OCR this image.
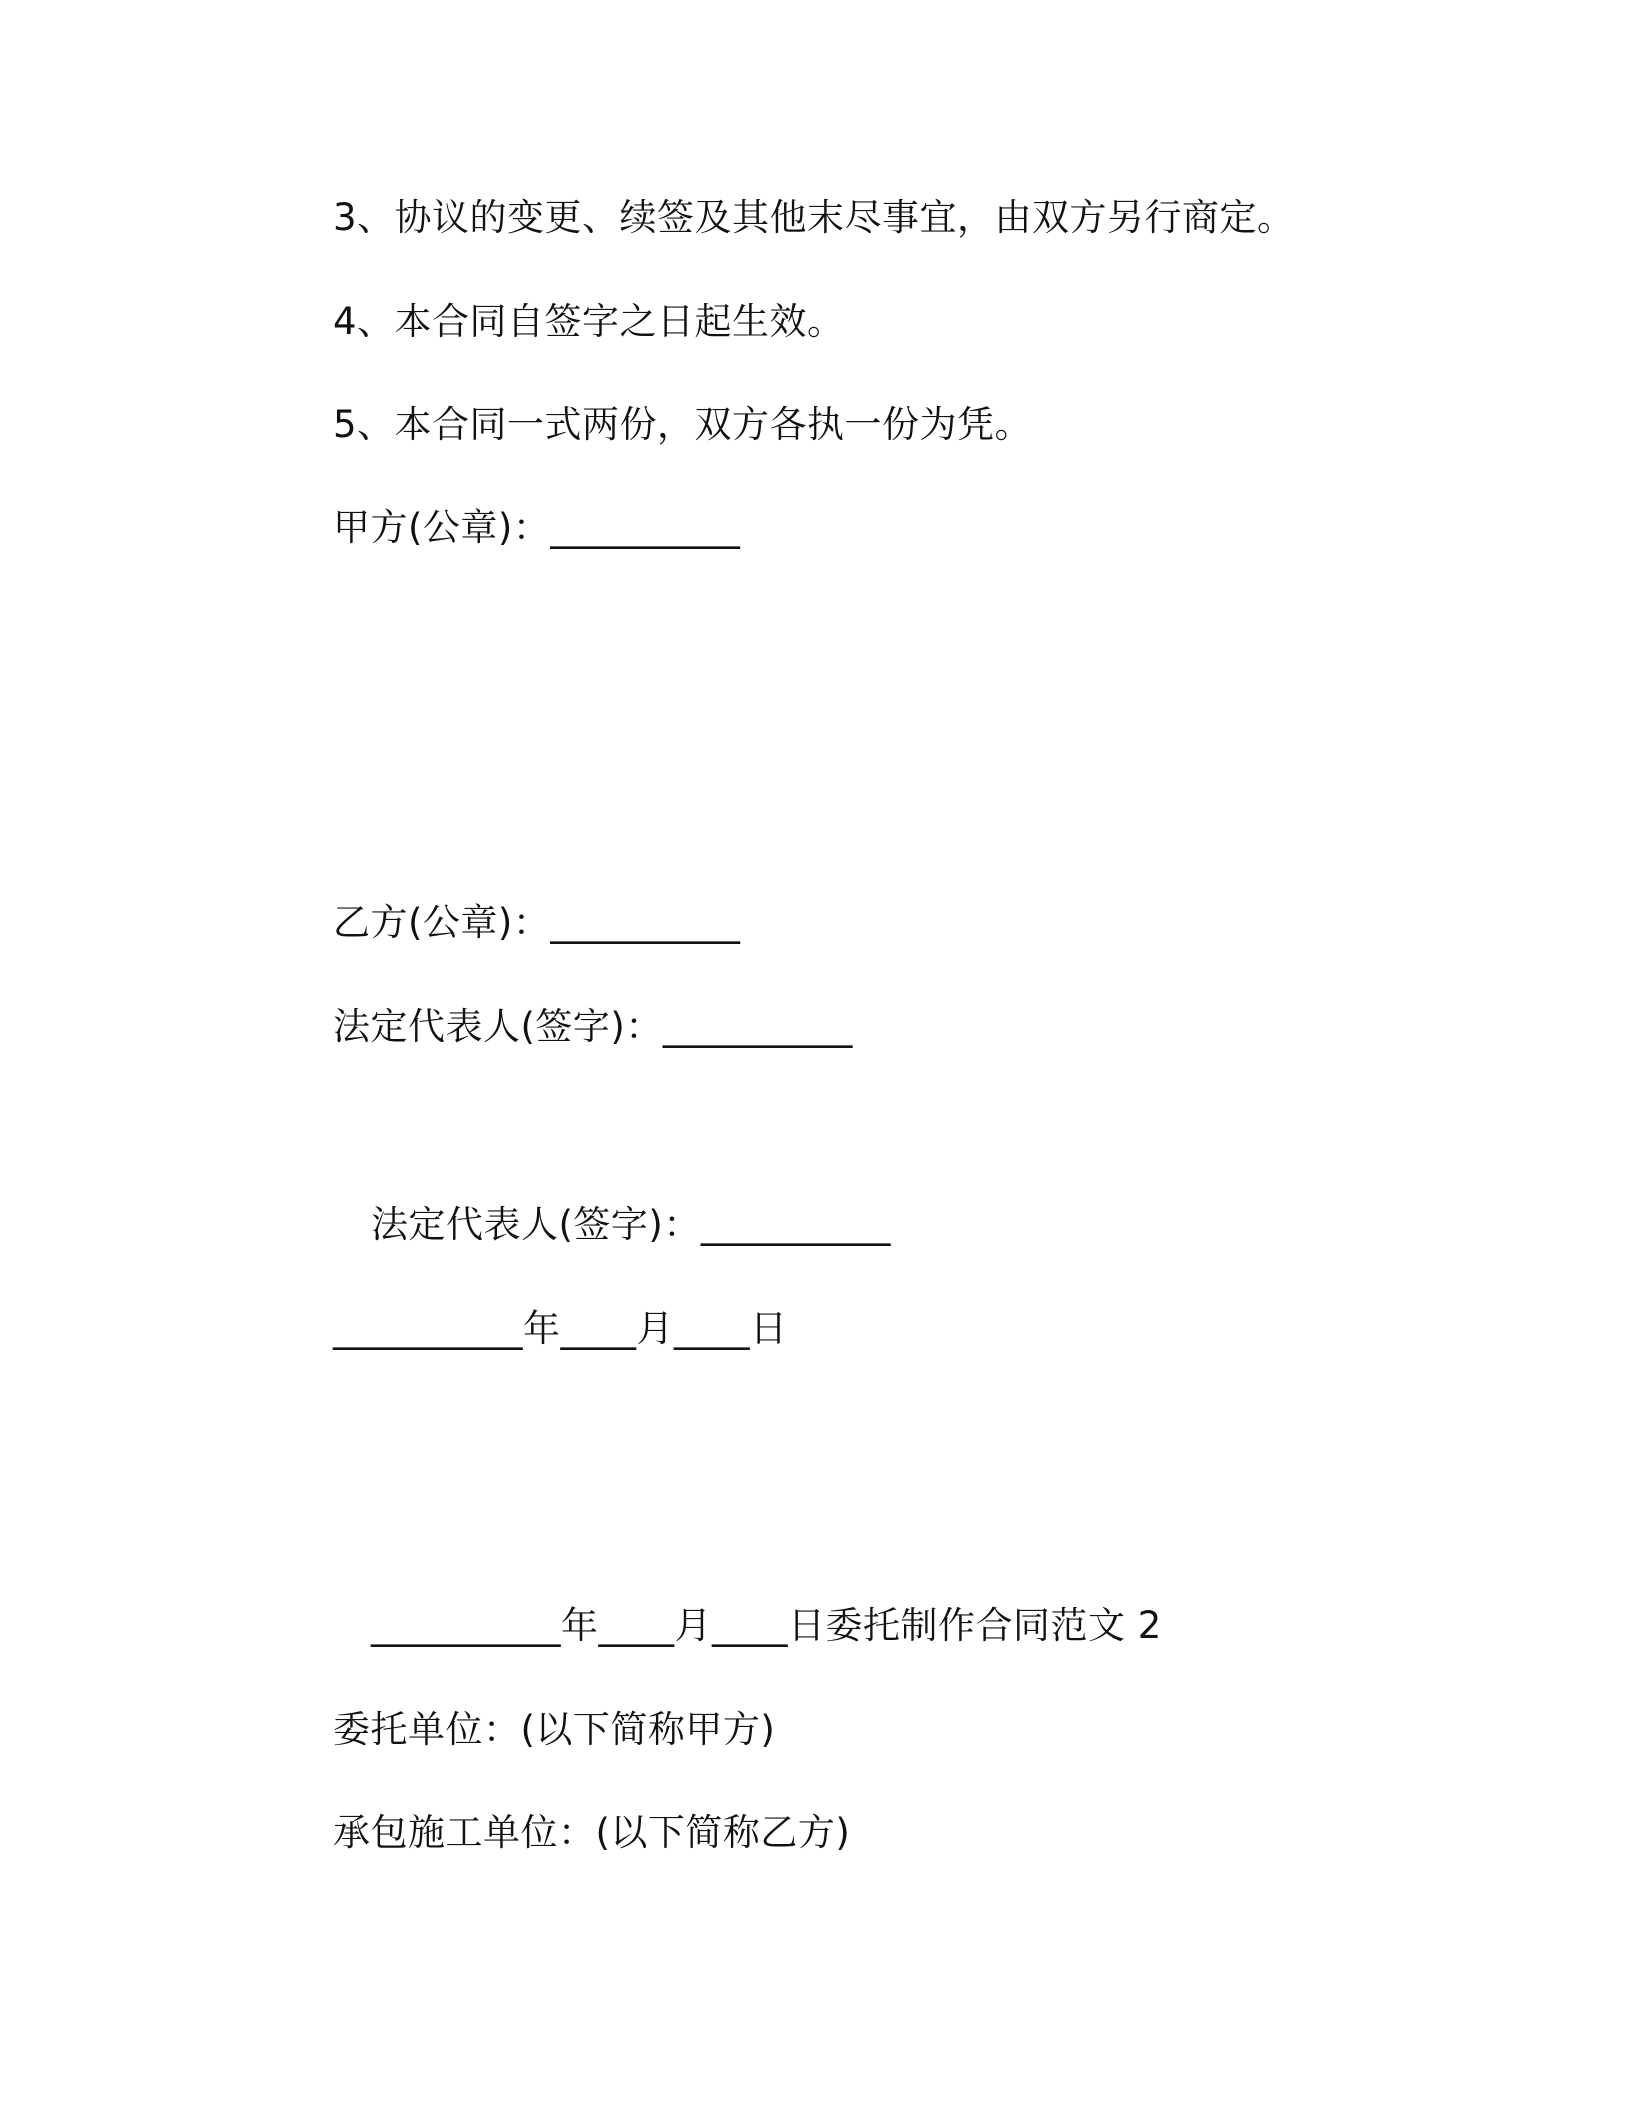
3、协议的变更、续签及其他末尽事宜，由双方另行商定。
4、本合同自签字之日起生效。
5、本合同一式两份，双方各执一份为凭。
甲方(公章)：__________
乙方(公章)：__________
法定代表人(签字)：__________
法定代表人(签字)：__________
__________年____月____日
__________年____月____日委托制作合同范文 2
委托单位：(以下简称甲方)
承包施工单位：(以下简称乙方)
